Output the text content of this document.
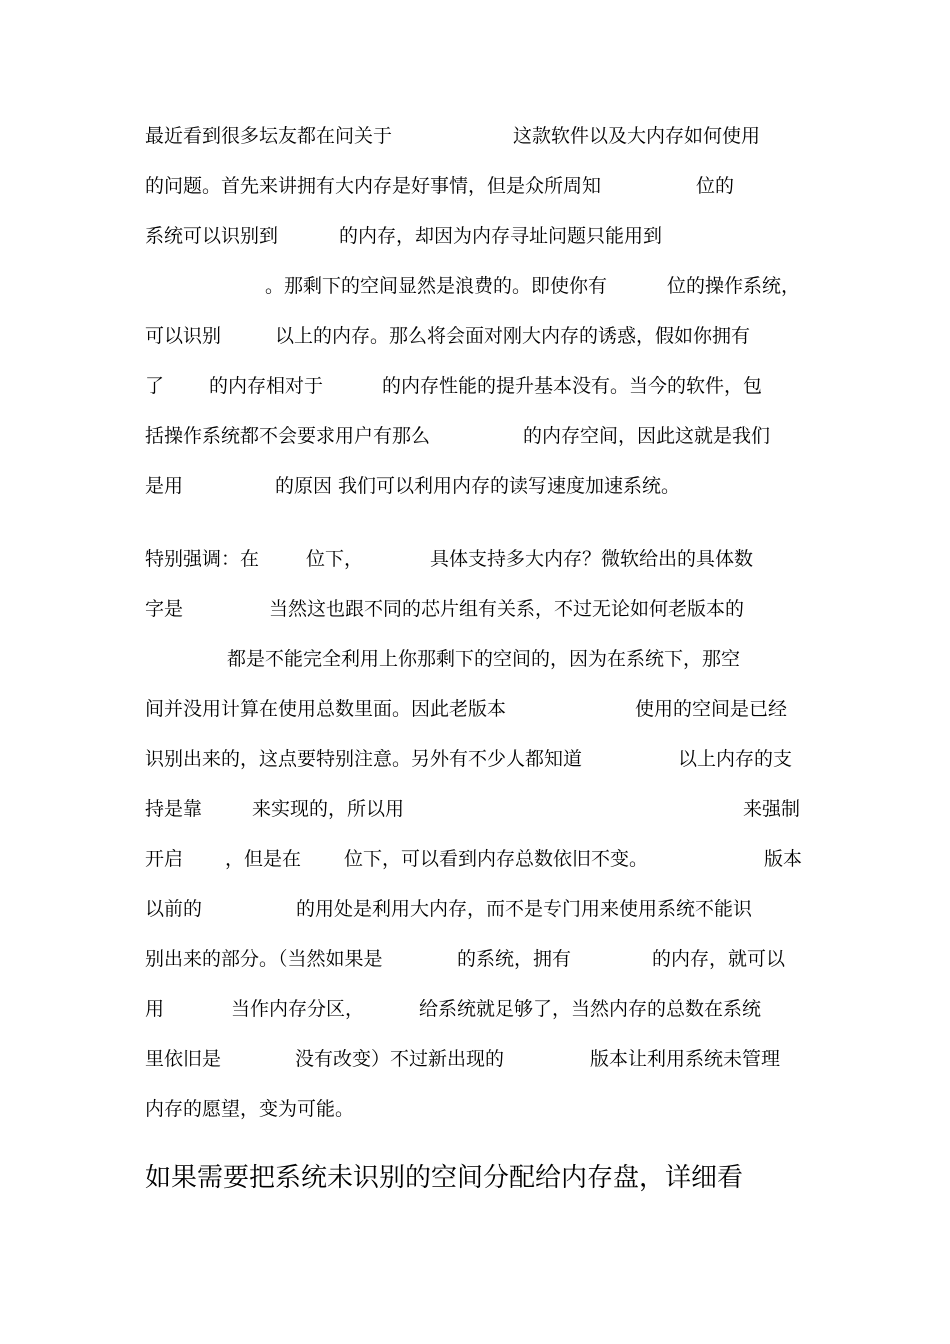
最近看到很多坛友都在问关于	这款软件以及大内存如何使用
的问题。首先来讲拥有大内存是好事情，但是众所周知	位的
系统可以识别到	的内存，却因为内存寻址问题只能用到
。那剩下的空间显然是浪费的。即使你有	位的操作系统，
可以识别	以上的内存。那么将会面对刚大内存的诱惑，假如你拥有
了 的内存相对于	的内存性能的提升基本没有。当今的软件，包
括操作系统都不会要求用户有那么	的内存空间，因此这就是我们
是用	的原因 我们可以利用内存的读写速度加速系统。
特别强调：在 位下，	具体支持多大内存？微软给出的具体数
字是	当然这也跟不同的芯片组有关系，不过无论如何老版本的
都是不能完全利用上你那剩下的空间的，因为在系统下，那空
间并没用计算在使用总数里面。因此老版本	使用的空间是已经
识别出来的，这点要特别注意。另外有不少人都知道	以上内存的支
持是靠	来实现的，所以用	来强制
开启 ，但是在 位下，可以看到内存总数依旧不变。	版本
以前的	的用处是利用大内存，而不是专门用来使用系统不能识
别出来的部分。（当然如果是	的系统，拥有	的内存，就可以
用	当作内存分区，	给系统就足够了，当然内存的总数在系统
里依旧是	没有改变）不过新出现的	版本让利用系统未管理
内存的愿望，变为可能。
如果需要把系统未识别的空间分配给内存盘，详细看
